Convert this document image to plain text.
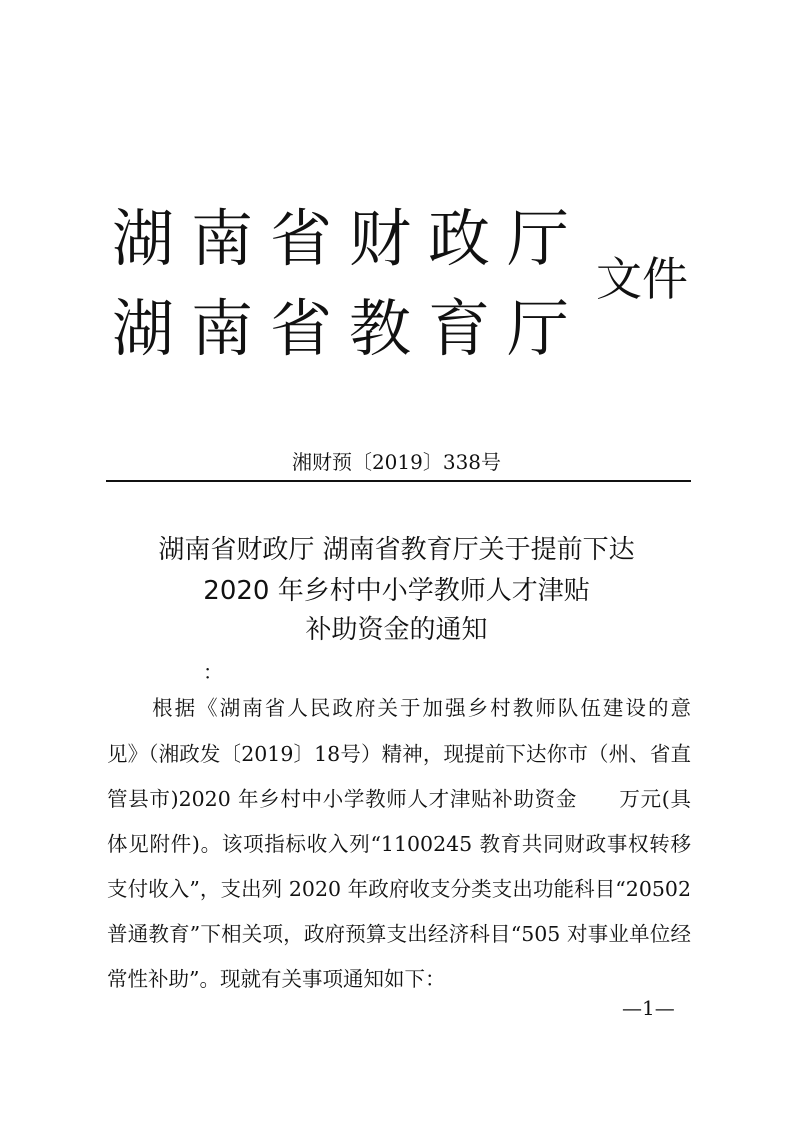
湖南省财政厅
湖南省教育厅
文件
湘财预〔2019〕338号
湖南省财政厅 湖南省教育厅关于提前下达
2020 年乡村中小学教师人才津贴
补助资金的通知
：
　　根据《湖南省人民政府关于加强乡村教师队伍建设的意
见》（湘政发〔2019〕18号）精神，现提前下达你市（州、省直
管县市)2020 年乡村中小学教师人才津贴补助资金　　万元(具
体见附件)。该项指标收入列“1100245 教育共同财政事权转移
支付收入”，支出列 2020 年政府收支分类支出功能科目“20502
普通教育”下相关项，政府预算支出经济科目“505 对事业单位经
常性补助”。现就有关事项通知如下：
—1—
